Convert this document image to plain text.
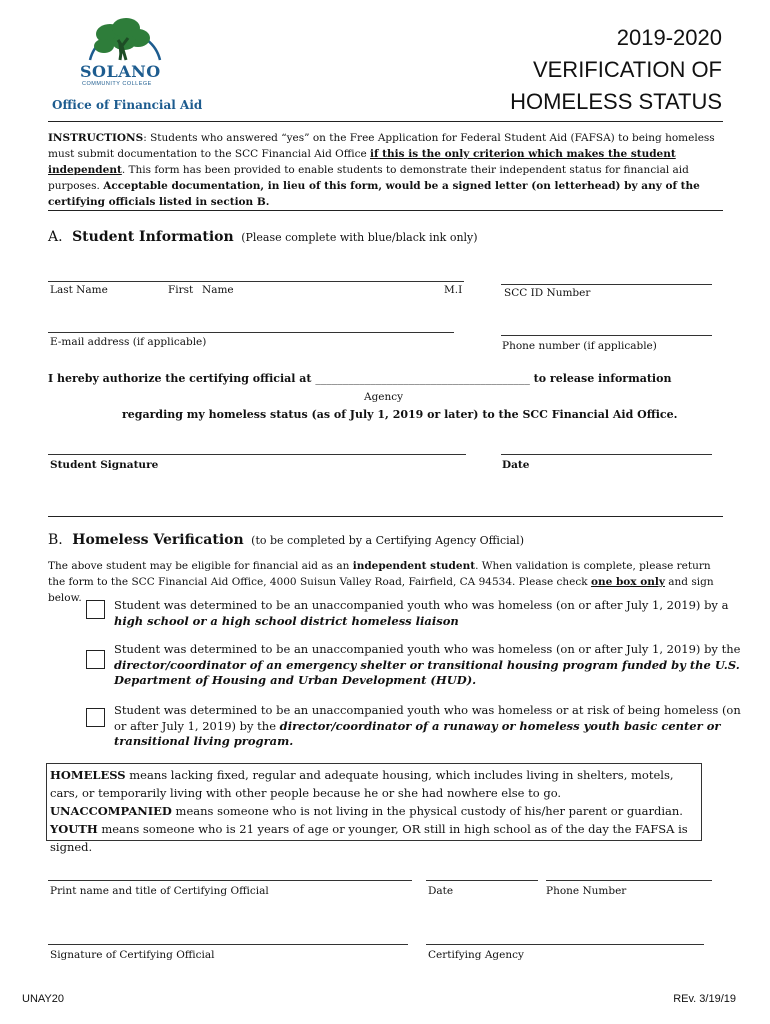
SOLANO
COMMUNITY COLLEGE
Office of Financial Aid
2019-2020
VERIFICATION OF
HOMELESS STATUS
INSTRUCTIONS: Students who answered “yes” on the Free Application for Federal Student Aid (FAFSA) to being homeless must submit documentation to the SCC Financial Aid Office if this is the only criterion which makes the student independent. This form has been provided to enable students to demonstrate their independent status for financial aid purposes. Acceptable documentation, in lieu of this form, would be a signed letter (on letterhead) by any of the certifying officials listed in section B.
A. Student Information (Please complete with blue/black ink only)
Last Name	First Name	M.I	SCC ID Number
E-mail address (if applicable)	Phone number (if applicable)
I hereby authorize the certifying official at _______________________________________ to release information
Agency
regarding my homeless status (as of July 1, 2019 or later) to the SCC Financial Aid Office.
Student Signature	Date
B. Homeless Verification (to be completed by a Certifying Agency Official)
The above student may be eligible for financial aid as an independent student. When validation is complete, please return the form to the SCC Financial Aid Office, 4000 Suisun Valley Road, Fairfield, CA 94534. Please check one box only and sign below.	Student was determined to be an unaccompanied youth who was homeless (on or after July 1, 2019) by a high school or a high school district homeless liaison
Student was determined to be an unaccompanied youth who was homeless (on or after July 1, 2019) by the director/coordinator of an emergency shelter or transitional housing program funded by the U.S. Department of Housing and Urban Development (HUD).
Student was determined to be an unaccompanied youth who was homeless or at risk of being homeless (on or after July 1, 2019) by the director/coordinator of a runaway or homeless youth basic center or transitional living program.
HOMELESS means lacking fixed, regular and adequate housing, which includes living in shelters, motels, cars, or temporarily living with other people because he or she had nowhere else to go.
UNACCOMPANIED means someone who is not living in the physical custody of his/her parent or guardian.
YOUTH means someone who is 21 years of age or younger, OR still in high school as of the day the FAFSA is signed.
Print name and title of Certifying Official	Date	Phone Number
Signature of Certifying Official	Certifying Agency
UNAY20	REv. 3/19/19
